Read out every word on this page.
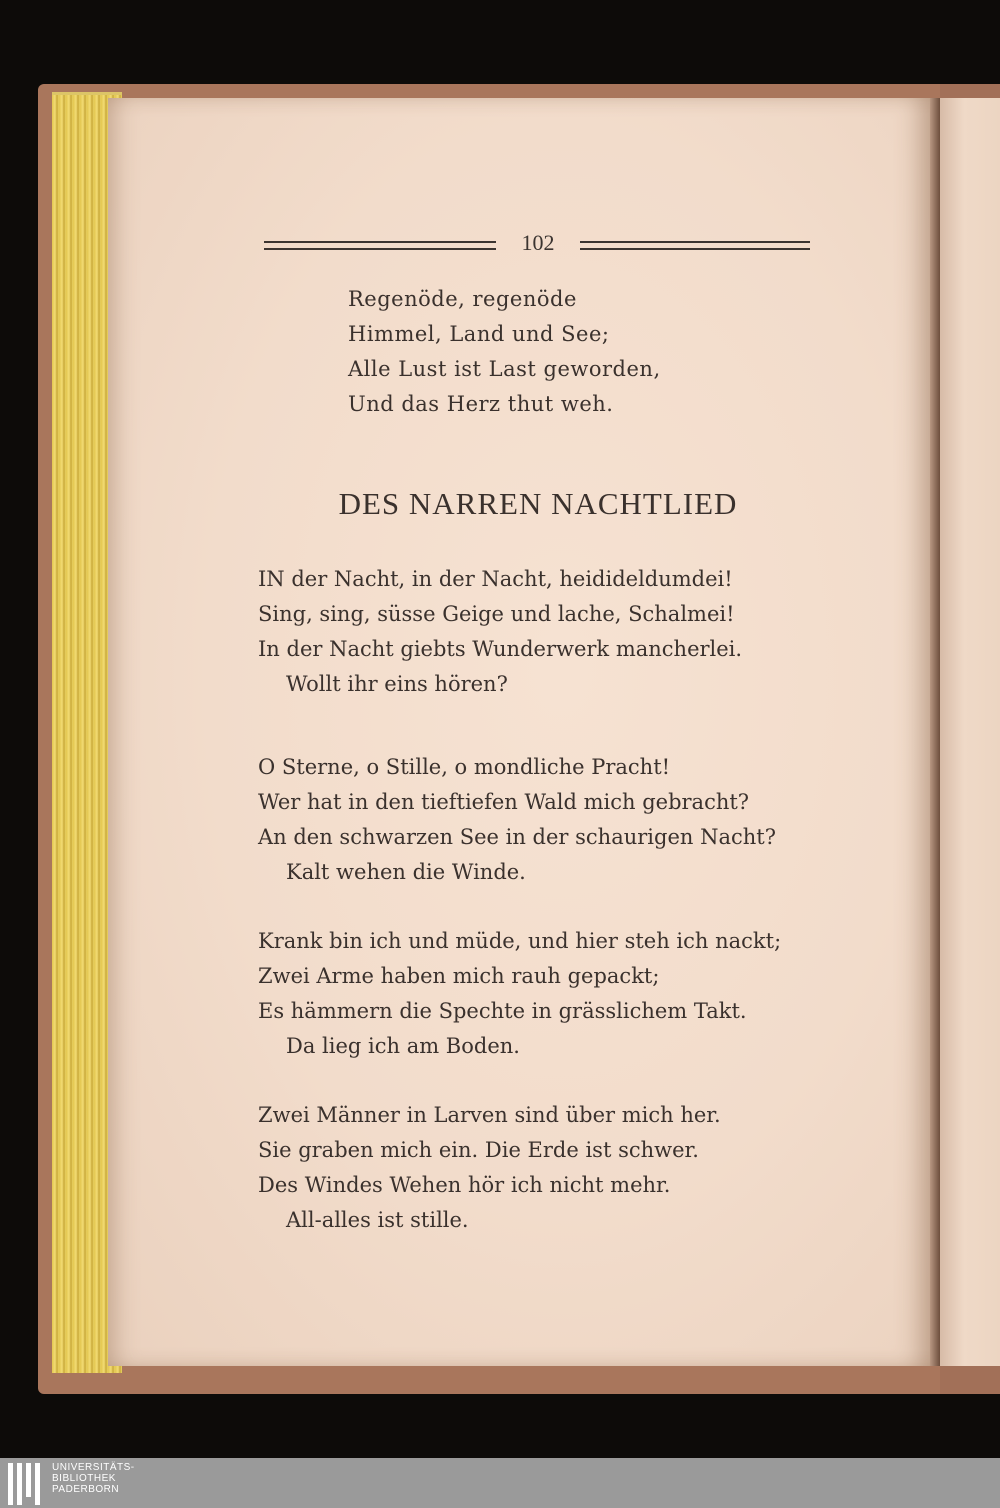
102
Regenöde, regenöde
Himmel, Land und See;
Alle Lust ist Last geworden,
Und das Herz thut weh.
DES NARREN NACHTLIED
IN der Nacht, in der Nacht, heidideldumdei!
Sing, sing, süsse Geige und lache, Schalmei!
In der Nacht giebts Wunderwerk mancherlei.
Wollt ihr eins hören?
O Sterne, o Stille, o mondliche Pracht!
Wer hat in den tieftiefen Wald mich gebracht?
An den schwarzen See in der schaurigen Nacht?
Kalt wehen die Winde.
Krank bin ich und müde, und hier steh ich nackt;
Zwei Arme haben mich rauh gepackt;
Es hämmern die Spechte in grässlichem Takt.
Da lieg ich am Boden.
Zwei Männer in Larven sind über mich her.
Sie graben mich ein. Die Erde ist schwer.
Des Windes Wehen hör ich nicht mehr.
All-alles ist stille.
UNIVERSITÄTS-
BIBLIOTHEK
PADERBORN
